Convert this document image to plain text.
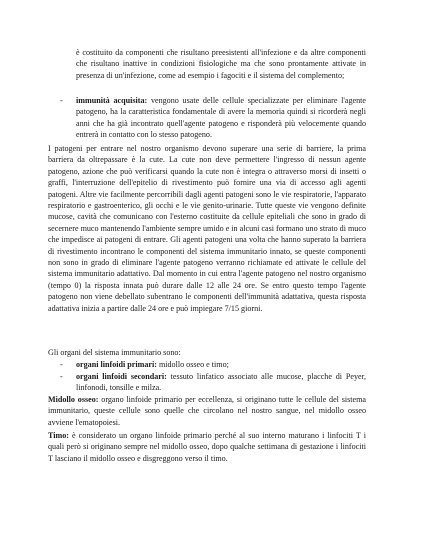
è costituito da componenti che risultano preesistenti all'infezione e da altre componenti che risultano inattive in condizioni fisiologiche ma che sono prontamente attivate in presenza di un'infezione, come ad esempio i fagociti e il sistema del complemento;

- immunità acquisita: vengono usate delle cellule specializzate per eliminare l'agente patogeno, ha la caratteristica fondamentale di avere la memoria quindi si ricorderà negli anni che ha già incontrato quell'agente patogeno e risponderà più velocemente quando entrerà in contatto con lo stesso patogeno.

I patogeni per entrare nel nostro organismo devono superare una serie di barriere, la prima barriera da oltrepassare è la cute. La cute non deve permettere l'ingresso di nessun agente patogeno, azione che può verificarsi quando la cute non è integra o attraverso morsi di insetti o graffi, l'interruzione dell'epitelio di rivestimento può fornire una via di accesso agli agenti patogeni. Altre vie facilmente percorribili dagli agenti patogeni sono le vie respiratorie, l'apparato respiratorio e gastroenterico, gli occhi e le vie genito-urinarie. Tutte queste vie vengono definite mucose, cavità che comunicano con l'esterno costituite da cellule epiteliali che sono in grado di secernere muco mantenendo l'ambiente sempre umido e in alcuni casi formano uno strato di muco che impedisce ai patogeni di entrare. Gli agenti patogeni una volta che hanno superato la barriera di rivestimento incontrano le componenti del sistema immunitario innato, se queste componenti non sono in grado di eliminare l'agente patogeno verranno richiamate ed attivate le cellule del sistema immunitario adattativo. Dal momento in cui entra l'agente patogeno nel nostro organismo (tempo 0) la risposta innata può durare dalle 12 alle 24 ore. Se entro questo tempo l'agente patogeno non viene debellato subentrano le componenti dell'immunità adattativa, questa risposta adattativa inizia a partire dalle 24 ore e può impiegare 7/15 giorni.

Gli organi del sistema immunitario sono:

- organi linfoidi primari: midollo osseo e timo;

- organi linfoidi secondari: tessuto linfatico associato alle mucose, placche di Peyer, linfonodi, tonsille e milza.

Midollo osseo: organo linfoide primario per eccellenza, si originano tutte le cellule del sistema immunitario, queste cellule sono quelle che circolano nel nostro sangue, nel midollo osseo avviene l'ematopoiesi.

Timo: è considerato un organo linfoide primario perché al suo interno maturano i linfociti T i quali però si originano sempre nel midollo osseo, dopo qualche settimana di gestazione i linfociti T lasciano il midollo osseo e disgreggono verso il timo.
